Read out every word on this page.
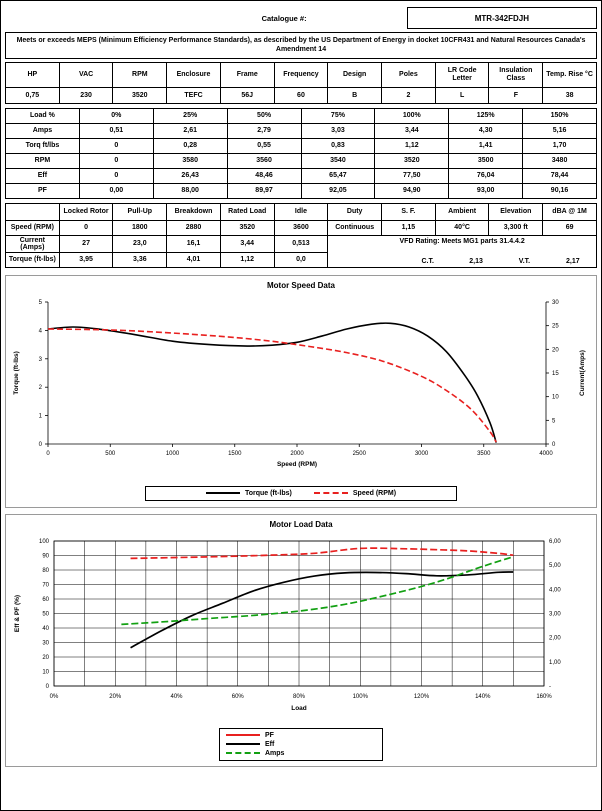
Catalogue #:		MTR-342FDJH
Meets or exceeds MEPS (Minimum Efficiency Performance Standards), as described by the US Department of Energy in docket 10CFR431 and Natural Resources Canada's Amendment 14
HP	VAC	RPM	Enclosure	Frame	Frequency	Design	Poles	LR Code Letter	Insulation Class	Temp. Rise °C
0,75	230	3520	TEFC	56J	60	B	2	L	F	38
Load %	0%	25%	50%	75%	100%	125%	150%
Amps	0,51	2,61	2,79	3,03	3,44	4,30	5,16
Torq ft/lbs	0	0,28	0,55	0,83	1,12	1,41	1,70
RPM	0	3580	3560	3540	3520	3500	3480
Eff	0	26,43	48,46	65,47	77,50	76,04	78,44
PF	0,00	88,00	89,97	92,05	94,90	93,00	90,16
	Locked Rotor	Pull-Up	Breakdown	Rated Load	Idle	Duty	S. F.	Ambient	Elevation	dBA @ 1M
Speed (RPM)	0	1800	2880	3520	3600	Continuous	1,15	40°C	3,300 ft	69
Current (Amps)	27	23,0	16,1	3,44	0,513	VFD Rating: Meets MG1 parts 31.4.4.2				
Torque (ft-lbs)	3,95	3,36	4,01	1,12	0,0					
								C.T.	2,13	V.T.	2,17
Motor Speed Data
0	500	1000	1500	2000	2500	3000	3500	4000
0
1
2
3
4
5
0
5
10
15
20
25
30
Speed (RPM)
Torque (ft-lbs)	Current(Amps)
Torque (ft-lbs)	Speed (RPM)
Motor Load Data
0%	20%	40%	60%	80%	100%	120%	140%	160%
0
10
20
30
40
50
60
70
80
90
100
-
1,00
2,00
3,00
4,00
5,00
6,00
Load
Eff & PF (%)
PF
Eff
Amps
